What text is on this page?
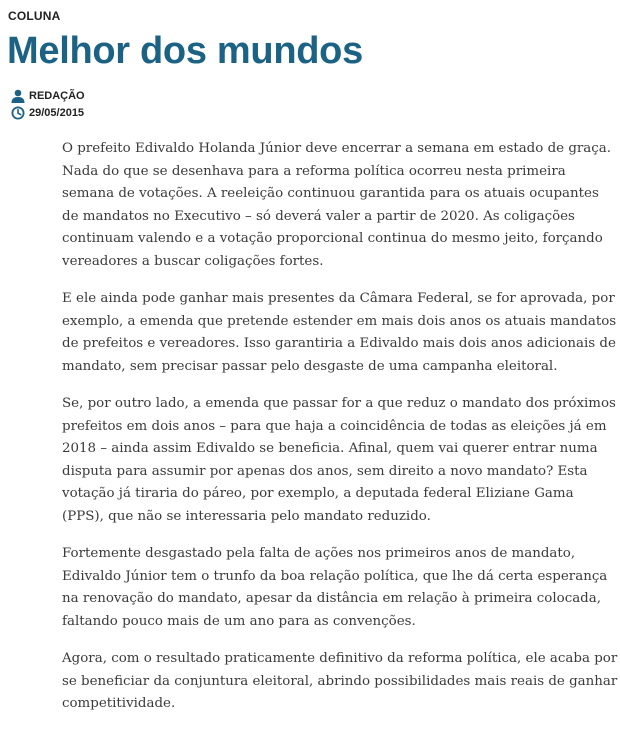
COLUNA
Melhor dos mundos
REDAÇÃO
29/05/2015

O prefeito Edivaldo Holanda Júnior deve encerrar a semana em estado de graça. Nada do que se desenhava para a reforma política ocorreu nesta primeira semana de votações. A reeleição continuou garantida para os atuais ocupantes de mandatos no Executivo – só deverá valer a partir de 2020. As coligações continuam valendo e a votação proporcional continua do mesmo jeito, forçando vereadores a buscar coligações fortes.

E ele ainda pode ganhar mais presentes da Câmara Federal, se for aprovada, por exemplo, a emenda que pretende estender em mais dois anos os atuais mandatos de prefeitos e vereadores. Isso garantiria a Edivaldo mais dois anos adicionais de mandato, sem precisar passar pelo desgaste de uma campanha eleitoral.

Se, por outro lado, a emenda que passar for a que reduz o mandato dos próximos prefeitos em dois anos – para que haja a coincidência de todas as eleições já em 2018 – ainda assim Edivaldo se beneficia. Afinal, quem vai querer entrar numa disputa para assumir por apenas dos anos, sem direito a novo mandato? Esta votação já tiraria do páreo, por exemplo, a deputada federal Eliziane Gama (PPS), que não se interessaria pelo mandato reduzido.

Fortemente desgastado pela falta de ações nos primeiros anos de mandato, Edivaldo Júnior tem o trunfo da boa relação política, que lhe dá certa esperança na renovação do mandato, apesar da distância em relação à primeira colocada, faltando pouco mais de um ano para as convenções.

Agora, com o resultado praticamente definitivo da reforma política, ele acaba por se beneficiar da conjuntura eleitoral, abrindo possibilidades mais reais de ganhar competitividade.
